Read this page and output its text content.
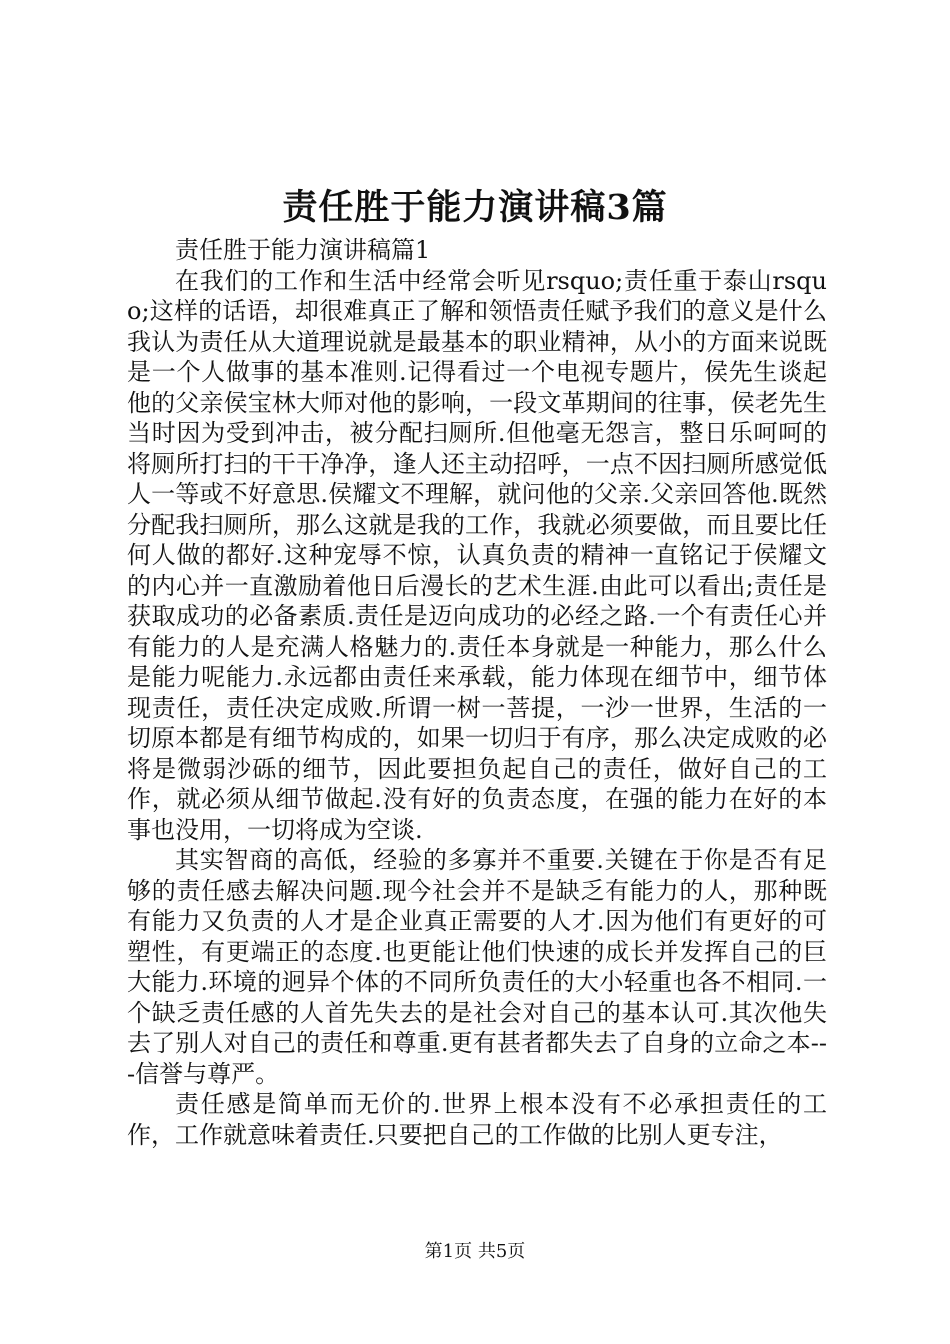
责任胜于能力演讲稿3篇

责任胜于能力演讲稿篇1

在我们的工作和生活中经常会听见rsquo;责任重于泰山rsquo;这样的话语，却很难真正了解和领悟责任赋予我们的意义是什么我认为责任从大道理说就是最基本的职业精神，从小的方面来说既是一个人做事的基本准则.记得看过一个电视专题片，侯先生谈起他的父亲侯宝林大师对他的影响，一段文革期间的往事，侯老先生当时因为受到冲击，被分配扫厕所.但他毫无怨言，整日乐呵呵的将厕所打扫的干干净净，逢人还主动招呼，一点不因扫厕所感觉低人一等或不好意思.侯耀文不理解，就问他的父亲.父亲回答他.既然分配我扫厕所，那么这就是我的工作，我就必须要做，而且要比任何人做的都好.这种宠辱不惊，认真负责的精神一直铭记于侯耀文的内心并一直激励着他日后漫长的艺术生涯.由此可以看出;责任是获取成功的必备素质.责任是迈向成功的必经之路.一个有责任心并有能力的人是充满人格魅力的.责任本身就是一种能力，那么什么是能力呢能力.永远都由责任来承载，能力体现在细节中，细节体现责任，责任决定成败.所谓一树一菩提，一沙一世界，生活的一切原本都是有细节构成的，如果一切归于有序，那么决定成败的必将是微弱沙砾的细节，因此要担负起自己的责任，做好自己的工作，就必须从细节做起.没有好的负责态度，在强的能力在好的本事也没用，一切将成为空谈.

其实智商的高低，经验的多寡并不重要.关键在于你是否有足够的责任感去解决问题.现今社会并不是缺乏有能力的人，那种既有能力又负责的人才是企业真正需要的人才.因为他们有更好的可塑性，有更端正的态度.也更能让他们快速的成长并发挥自己的巨大能力.环境的迥异个体的不同所负责任的大小轻重也各不相同.一个缺乏责任感的人首先失去的是社会对自己的基本认可.其次他失去了别人对自己的责任和尊重.更有甚者都失去了自身的立命之本---信誉与尊严。

责任感是简单而无价的.世界上根本没有不必承担责任的工作，工作就意味着责任.只要把自己的工作做的比别人更专注，

第1页 共5页
